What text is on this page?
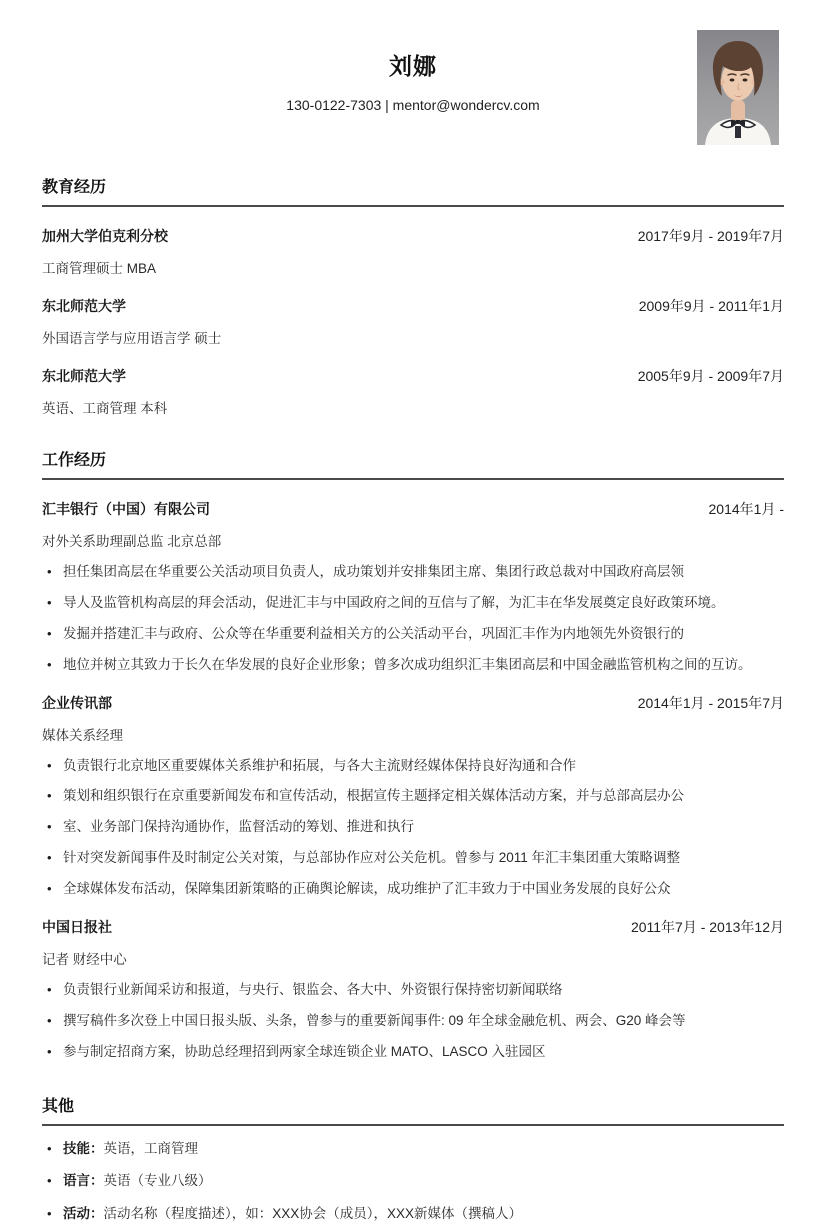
刘娜
130-0122-7303 | mentor@wondercv.com
教育经历
加州大学伯克利分校	2017年9月 - 2019年7月
工商管理硕士 MBA
东北师范大学	2009年9月 - 2011年1月
外国语言学与应用语言学 硕士
东北师范大学	2005年9月 - 2009年7月
英语、工商管理 本科
工作经历
汇丰银行（中国）有限公司	2014年1月 -
对外关系助理副总监 北京总部
• 担任集团高层在华重要公关活动项目负责人，成功策划并安排集团主席、集团行政总裁对中国政府高层领
• 导人及监管机构高层的拜会活动，促进汇丰与中国政府之间的互信与了解，为汇丰在华发展奠定良好政策环境。
• 发掘并搭建汇丰与政府、公众等在华重要利益相关方的公关活动平台，巩固汇丰作为内地领先外资银行的
• 地位并树立其致力于长久在华发展的良好企业形象；曾多次成功组织汇丰集团高层和中国金融监管机构之间的互访。
企业传讯部	2014年1月 - 2015年7月
媒体关系经理
• 负责银行北京地区重要媒体关系维护和拓展，与各大主流财经媒体保持良好沟通和合作
• 策划和组织银行在京重要新闻发布和宣传活动，根据宣传主题择定相关媒体活动方案，并与总部高层办公
• 室、业务部门保持沟通协作，监督活动的筹划、推进和执行
• 针对突发新闻事件及时制定公关对策，与总部协作应对公关危机。曾参与 2011 年汇丰集团重大策略调整
• 全球媒体发布活动，保障集团新策略的正确舆论解读，成功维护了汇丰致力于中国业务发展的良好公众
中国日报社	2011年7月 - 2013年12月
记者 财经中心
• 负责银行业新闻采访和报道，与央行、银监会、各大中、外资银行保持密切新闻联络
• 撰写稿件多次登上中国日报头版、头条，曾参与的重要新闻事件: 09 年全球金融危机、两会、G20 峰会等
• 参与制定招商方案，协助总经理招到两家全球连锁企业 MATO、LASCO 入驻园区
其他
• 技能：英语，工商管理
• 语言：英语（专业八级）
• 活动：活动名称（程度描述），如：XXX协会（成员），XXX新媒体（撰稿人）
